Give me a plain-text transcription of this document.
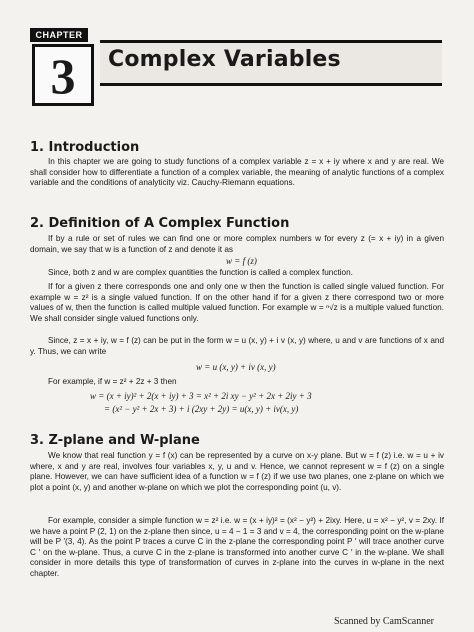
CHAPTER
3	Complex Variables
1. Introduction

In this chapter we are going to study functions of a complex variable z = x + iy where x and y are real. We shall consider how to differentiate a function of a complex variable, the meaning of analytic functions of a complex variable and the conditions of analyticity viz. Cauchy-Riemann equations.

2. Definition of A Complex Function

If by a rule or set of rules we can find one or more complex numbers w for every z (= x + iy) in a given domain, we say that w is a function of z and denote it as

w = f (z)

Since, both z and w are complex quantities the function is called a complex function.

If for a given z there corresponds one and only one w then the function is called single valued function. For example w = z² is a single valued function. If on the other hand if for a given z there correspond two or more values of w, then the function is called multiple valued function. For example w = ⁿ√z is a multiple valued function. We shall consider single valued functions only.

Since, z = x + iy, w = f (z) can be put in the form w = u (x, y) + i v (x, y) where, u and v are functions of x and y. Thus, we can write

w = u (x, y) + iv (x, y)

For example, if w = z² + 2z + 3 then

w = (x + iy)² + 2(x + iy) + 3 = x² + 2i xy − y² + 2x + 2iy + 3
= (x² − y² + 2x + 3) + i (2xy + 2y) = u(x, y) + iv(x, y)
3. Z-plane and W-plane

We know that real function y = f (x) can be represented by a curve on x-y plane. But w = f (z) i.e. w = u + iv where, x and y are real, involves four variables x, y, u and v. Hence, we cannot represent w = f (z) on a single plane. However, we can have sufficient idea of a function w = f (z) if we use two planes, one z-plane on which we plot a point (x, y) and another w-plane on which we plot the corresponding point (u, v).

For example, consider a simple function w = z² i.e. w = (x + iy)² = (x² − y²) + 2ixy. Here, u = x² − y², v = 2xy. If we have a point P (2, 1) on the z-plane then since, u = 4 − 1 = 3 and v = 4, the corresponding point on the w-plane will be P ′(3, 4). As the point P traces a curve C in the z-plane the corresponding point P ′ will trace another curve C ′ on the w-plane. Thus, a curve C in the z-plane is transformed into another curve C ′ in the w-plane. We shall consider in more details this type of transformation of curves in z-plane into the curves in w-plane in the next chapter.

Scanned by CamScanner
